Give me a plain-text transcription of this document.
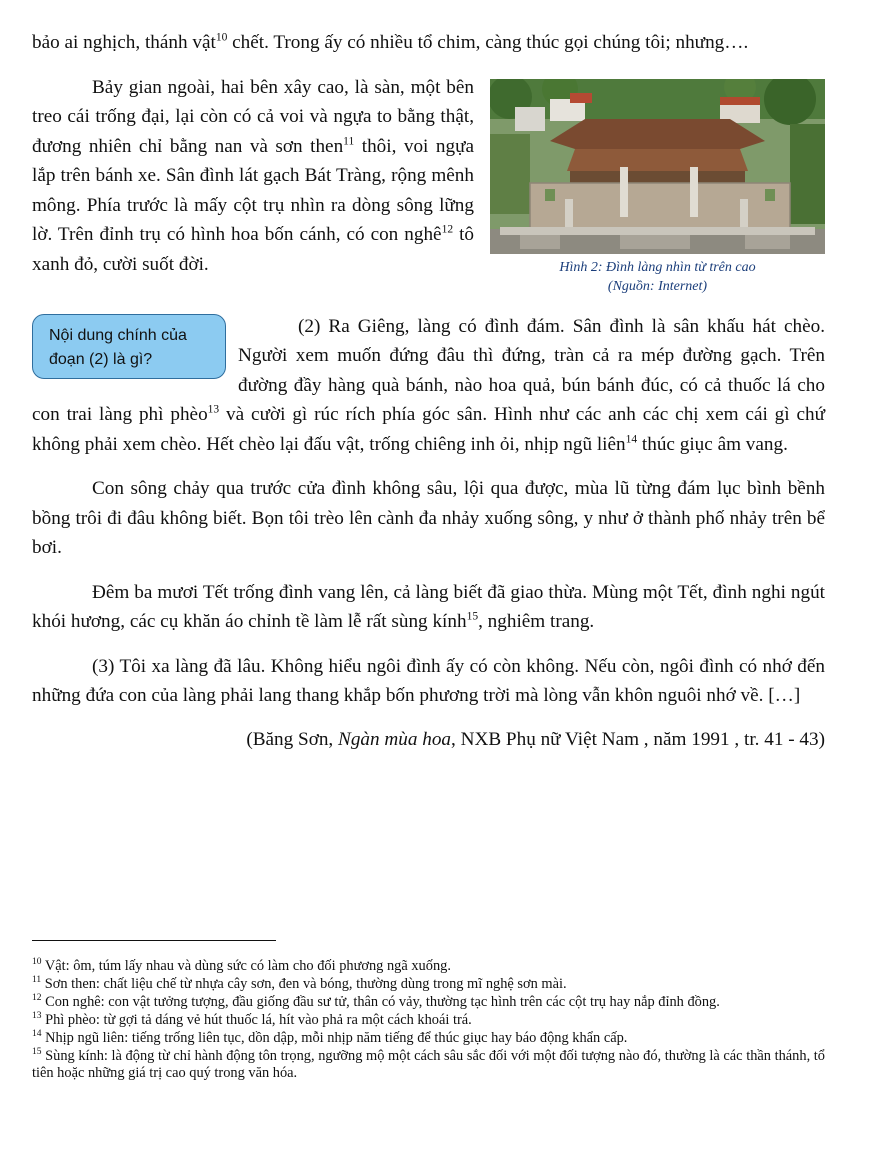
bảo ai nghịch, thánh vật$^{10}$ chết. Trong ấy có nhiều tổ chim, càng thúc gọi chúng tôi; nhưng….

Hình 2: Đình làng nhìn từ trên cao
(Nguồn: Internet)

Bảy gian ngoài, hai bên xây cao, là sàn, một bên treo cái trống đại, lại còn có cả voi và ngựa to bằng thật, đương nhiên chỉ bằng nan và sơn then$^{11}$ thôi, voi ngựa lắp trên bánh xe. Sân đình lát gạch Bát Tràng, rộng mênh mông. Phía trước là mấy cột trụ nhìn ra dòng sông lững lờ. Trên đỉnh trụ có hình hoa bốn cánh, có con nghê$^{12}$ tô xanh đỏ, cười suốt đời.

Nội dung chính của đoạn (2) là gì?

(2) Ra Giêng, làng có đình đám. Sân đình là sân khấu hát chèo. Người xem muốn đứng đâu thì đứng, tràn cả ra mép đường gạch. Trên đường đầy hàng quà bánh, nào hoa quả, bún bánh đúc, có cả thuốc lá cho con trai làng phì phèo$^{13}$ và cười gì rúc rích phía góc sân. Hình như các anh các chị xem cái gì chứ không phải xem chèo. Hết chèo lại đấu vật, trống chiêng inh ỏi, nhịp ngũ liên$^{14}$ thúc giục âm vang.

Con sông chảy qua trước cửa đình không sâu, lội qua được, mùa lũ từng đám lục bình bềnh bồng trôi đi đâu không biết. Bọn tôi trèo lên cành đa nhảy xuống sông, y như ở thành phố nhảy trên bể bơi.

Đêm ba mươi Tết trống đình vang lên, cả làng biết đã giao thừa. Mùng một Tết, đình nghi ngút khói hương, các cụ khăn áo chỉnh tề làm lễ rất sùng kính$^{15}$, nghiêm trang.

(3) Tôi xa làng đã lâu. Không hiểu ngôi đình ấy có còn không. Nếu còn, ngôi đình có nhớ đến những đứa con của làng phải lang thang khắp bốn phương trời mà lòng vẫn khôn nguôi nhớ về. […]

(Băng Sơn, Ngàn mùa hoa, NXB Phụ nữ Việt Nam , năm 1991 , tr. 41 - 43)

$^{10}$ Vật: ôm, túm lấy nhau và dùng sức có làm cho đối phương ngã xuống.

$^{11}$ Sơn then: chất liệu chế từ nhựa cây sơn, đen và bóng, thường dùng trong mĩ nghệ sơn mài.

$^{12}$ Con nghê: con vật tưởng tượng, đầu giống đầu sư tử, thân có vảy, thường tạc hình trên các cột trụ hay nắp đỉnh đồng.

$^{13}$ Phì phèo: từ gợi tả dáng vẻ hút thuốc lá, hít vào phả ra một cách khoái trá.

$^{14}$ Nhịp ngũ liên: tiếng trống liên tục, dồn dập, mỗi nhịp năm tiếng để thúc giục hay báo động khẩn cấp.

$^{15}$ Sùng kính: là động từ chỉ hành động tôn trọng, ngưỡng mộ một cách sâu sắc đối với một đối tượng nào đó, thường là các thần thánh, tổ tiên hoặc những giá trị cao quý trong văn hóa.
